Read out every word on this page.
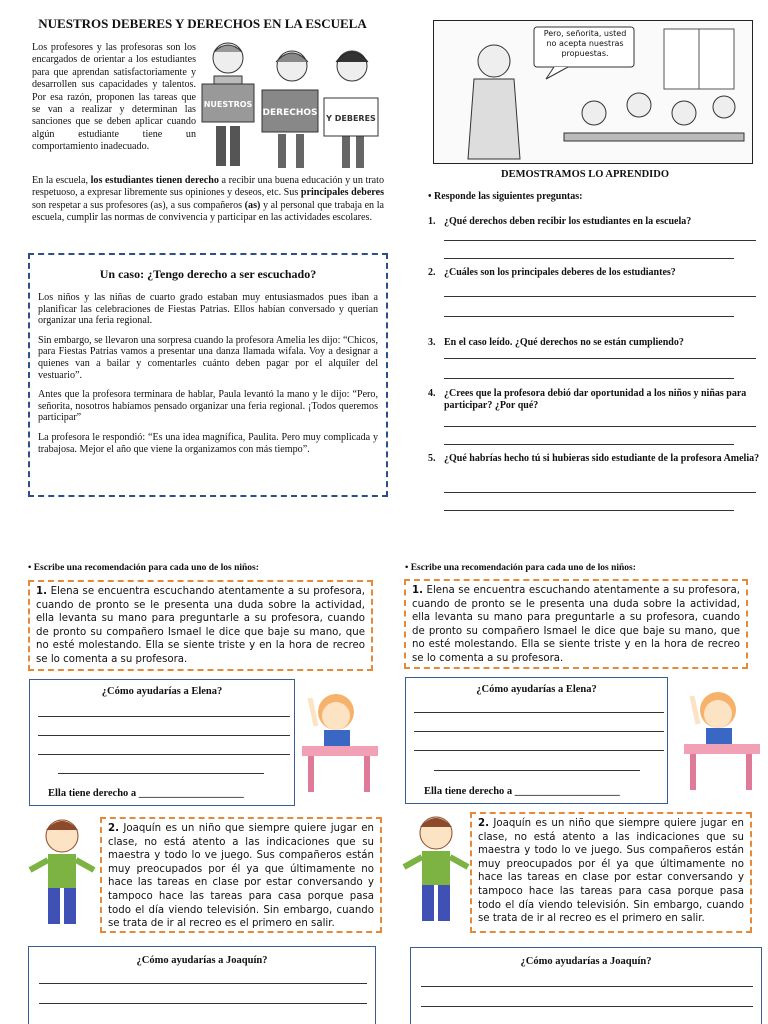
NUESTROS DEBERES Y DERECHOS EN LA ESCUELA
Los profesores y las profesoras son los encargados de orientar a los estudiantes para que aprendan satisfactoriamente y desarrollen sus capacidades y talentos. Por esa razón, proponen las tareas que se van a realizar y determinan las sanciones que se deben aplicar cuando algún estudiante tiene un comportamiento inadecuado.
NUESTROS
DERECHOS
Y DEBERES
En la escuela, los estudiantes tienen derecho a recibir una buena educación y un trato respetuoso, a expresar libremente sus opiniones y deseos, etc. Sus principales deberes son respetar a sus profesores (as), a sus compañeros (as) y al personal que trabaja en la escuela, cumplir las normas de convivencia y participar en las actividades escolares.
Un caso: ¿Tengo derecho a ser escuchado?

Los niños y las niñas de cuarto grado estaban muy entusiasmados pues iban a planificar las celebraciones de Fiestas Patrias. Ellos habían conversado y querían organizar una feria regional.

Sin embargo, se llevaron una sorpresa cuando la profesora Amelia les dijo: “Chicos, para Fiestas Patrias vamos a presentar una danza llamada wifala. Voy a designar a quienes van a bailar y comentarles cuánto deben pagar por el alquiler del vestuario”.

Antes que la profesora terminara de hablar, Paula levantó la mano y le dijo: “Pero, señorita, nosotros habíamos pensado organizar una feria regional. ¡Todos queremos participar”

La profesora le respondió: “Es una idea magnífica, Paulita. Pero muy complicada y trabajosa. Mejor el año que viene la organizamos con más tiempo”.

Pero, señorita, usted no acepta nuestras propuestas.
DEMOSTRAMOS LO APRENDIDO
• Responde las siguientes preguntas:
1. ¿Qué derechos deben recibir los estudiantes en la escuela?
2. ¿Cuáles son los principales deberes de los estudiantes?
3. En el caso leído. ¿Qué derechos no se están cumpliendo?
4. ¿Crees que la profesora debió dar oportunidad a los niños y niñas para participar? ¿Por qué?
5. ¿Qué habrías hecho tú si hubieras sido estudiante de la profesora Amelia?
• Escribe una recomendación para cada uno de los niños:
1. Elena se encuentra escuchando atentamente a su profesora, cuando de pronto se le presenta una duda sobre la actividad, ella levanta su mano para preguntarle a su profesora, cuando de pronto su compañero Ismael le dice que baje su mano, que no esté molestando. Ella se siente triste y en la hora de recreo se lo comenta a su profesora.
¿Cómo ayudarías a Elena?
Ella tiene derecho a ____________________
2. Joaquín es un niño que siempre quiere jugar en clase, no está atento a las indicaciones que su maestra y todo lo ve juego. Sus compañeros están muy preocupados por él ya que últimamente no hace las tareas en clase por estar conversando y tampoco hace las tareas para casa porque pasa todo el día viendo televisión. Sin embargo, cuando se trata de ir al recreo es el primero en salir.
¿Cómo ayudarías a Joaquín?
• Escribe una recomendación para cada uno de los niños:
1. Elena se encuentra escuchando atentamente a su profesora, cuando de pronto se le presenta una duda sobre la actividad, ella levanta su mano para preguntarle a su profesora, cuando de pronto su compañero Ismael le dice que baje su mano, que no esté molestando. Ella se siente triste y en la hora de recreo se lo comenta a su profesora.
¿Cómo ayudarías a Elena?
Ella tiene derecho a ____________________
2. Joaquín es un niño que siempre quiere jugar en clase, no está atento a las indicaciones que su maestra y todo lo ve juego. Sus compañeros están muy preocupados por él ya que últimamente no hace las tareas en clase por estar conversando y tampoco hace las tareas para casa porque pasa todo el día viendo televisión. Sin embargo, cuando se trata de ir al recreo es el primero en salir.
¿Cómo ayudarías a Joaquín?
